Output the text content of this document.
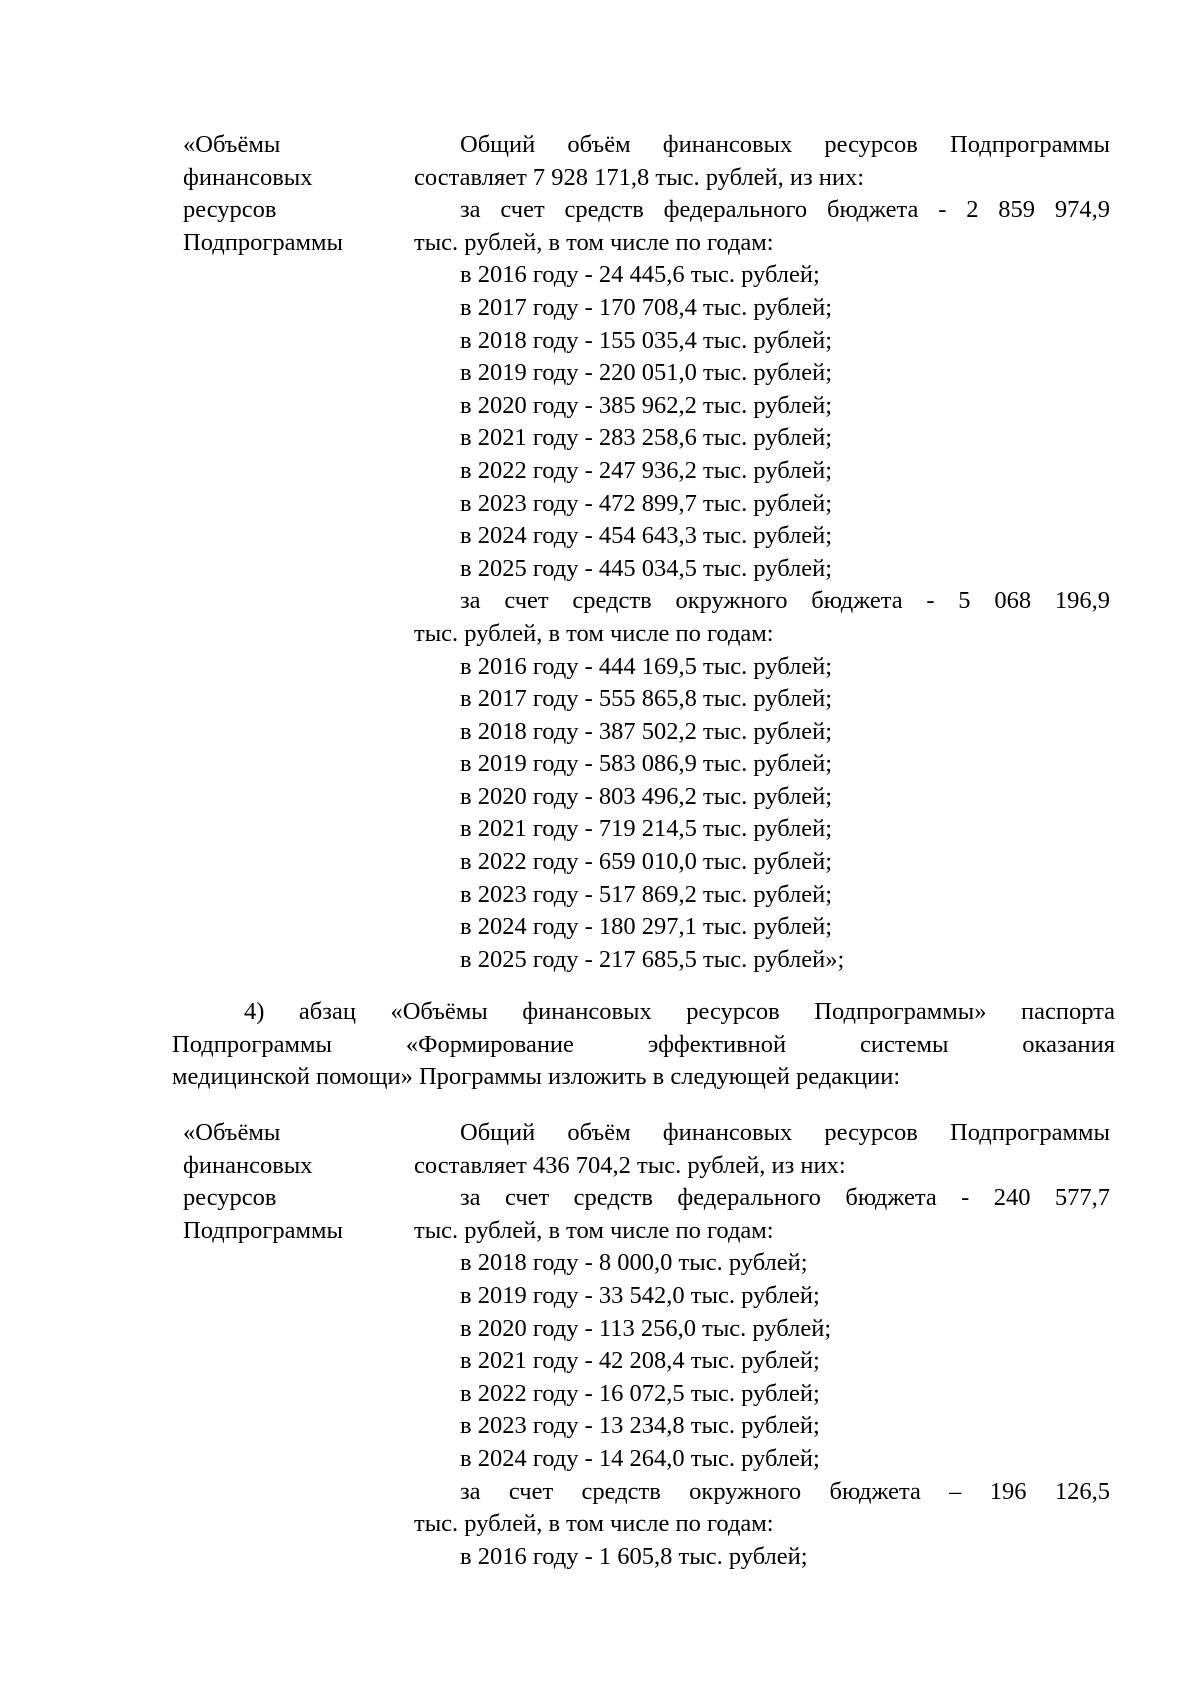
«Объёмы
финансовых
ресурсов
Подпрограммы
Общий объём финансовых ресурсов Подпрограммы
составляет 7 928 171,8 тыс. рублей, из них:
за счет средств федерального бюджета - 2 859 974,9
тыс. рублей, в том числе по годам:
в 2016 году - 24 445,6 тыс. рублей;
в 2017 году - 170 708,4 тыс. рублей;
в 2018 году - 155 035,4 тыс. рублей;
в 2019 году - 220 051,0 тыс. рублей;
в 2020 году - 385 962,2 тыс. рублей;
в 2021 году - 283 258,6 тыс. рублей;
в 2022 году - 247 936,2 тыс. рублей;
в 2023 году - 472 899,7 тыс. рублей;
в 2024 году - 454 643,3 тыс. рублей;
в 2025 году - 445 034,5 тыс. рублей;
за счет средств окружного бюджета - 5 068 196,9
тыс. рублей, в том числе по годам:
в 2016 году - 444 169,5 тыс. рублей;
в 2017 году - 555 865,8 тыс. рублей;
в 2018 году - 387 502,2 тыс. рублей;
в 2019 году - 583 086,9 тыс. рублей;
в 2020 году - 803 496,2 тыс. рублей;
в 2021 году - 719 214,5 тыс. рублей;
в 2022 году - 659 010,0 тыс. рублей;
в 2023 году - 517 869,2 тыс. рублей;
в 2024 году - 180 297,1 тыс. рублей;
в 2025 году - 217 685,5 тыс. рублей»;
4) абзац «Объёмы финансовых ресурсов Подпрограммы» паспорта
Подпрограммы «Формирование эффективной системы оказания
медицинской помощи» Программы изложить в следующей редакции:
«Объёмы
финансовых
ресурсов
Подпрограммы
Общий объём финансовых ресурсов Подпрограммы
составляет 436 704,2 тыс. рублей, из них:
за счет средств федерального бюджета - 240 577,7
тыс. рублей, в том числе по годам:
в 2018 году - 8 000,0 тыс. рублей;
в 2019 году - 33 542,0 тыс. рублей;
в 2020 году - 113 256,0 тыс. рублей;
в 2021 году - 42 208,4 тыс. рублей;
в 2022 году - 16 072,5 тыс. рублей;
в 2023 году - 13 234,8 тыс. рублей;
в 2024 году - 14 264,0 тыс. рублей;
за счет средств окружного бюджета – 196 126,5
тыс. рублей, в том числе по годам:
в 2016 году - 1 605,8 тыс. рублей;
